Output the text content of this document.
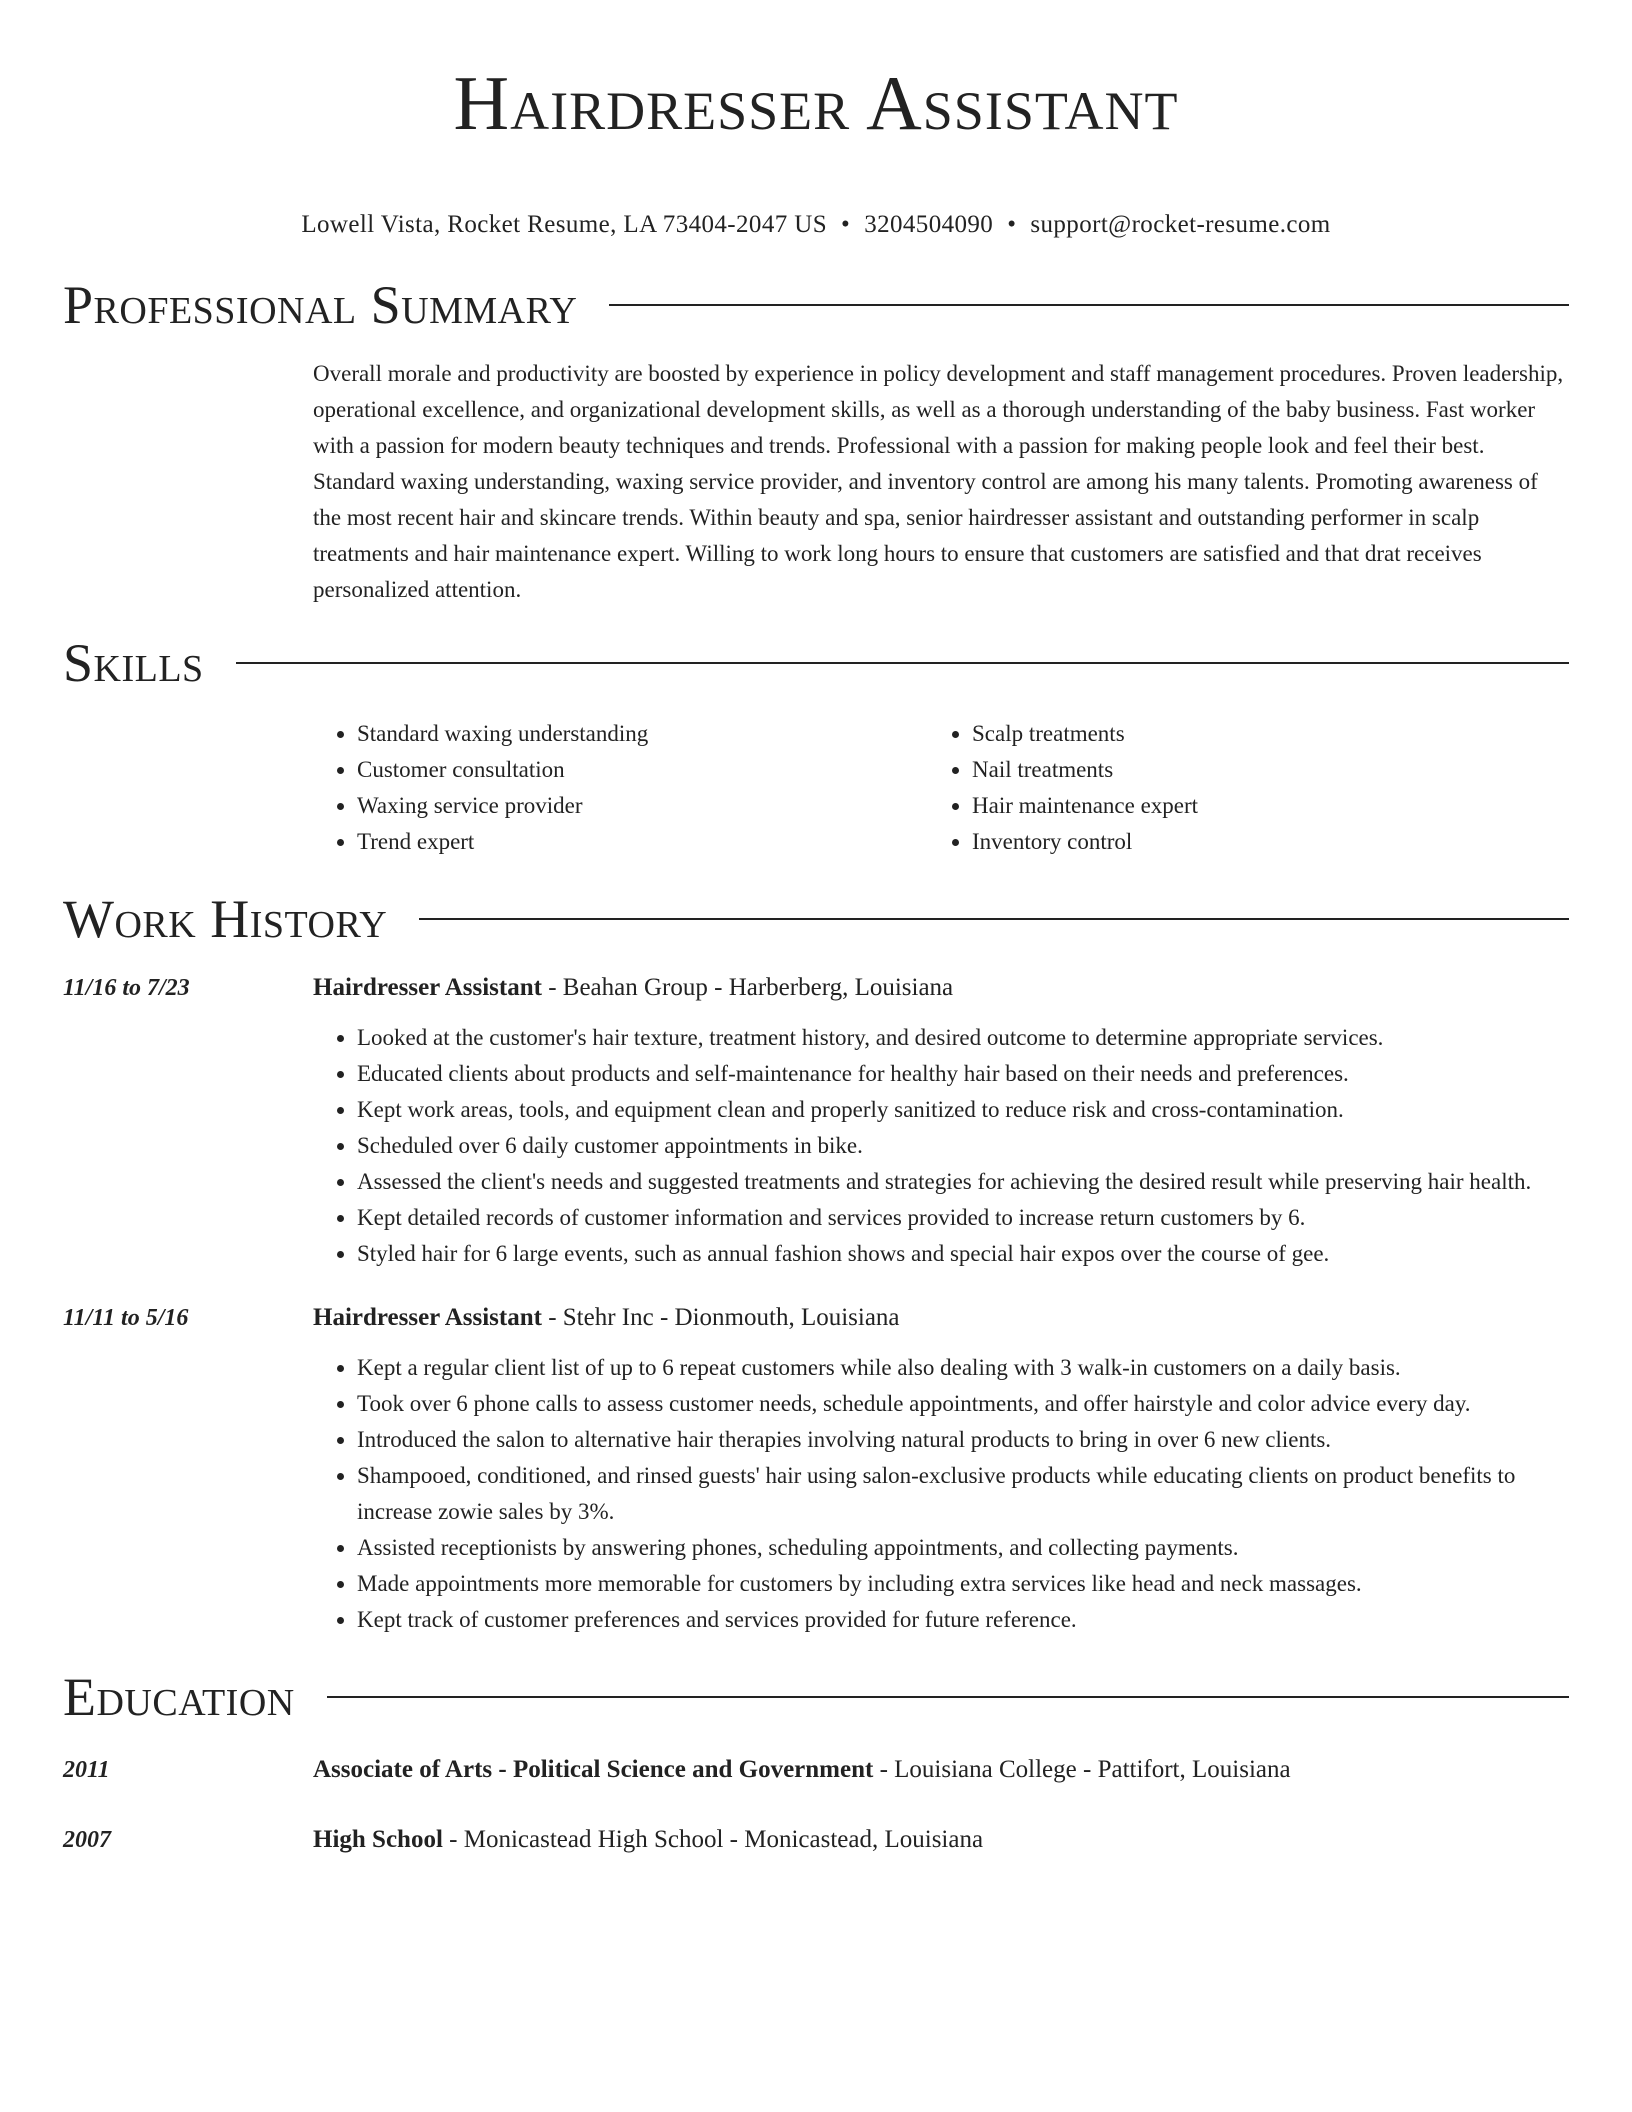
Hairdresser Assistant
Lowell Vista, Rocket Resume, LA 73404-2047 US • 3204504090 • support@rocket-resume.com
Professional Summary
Overall morale and productivity are boosted by experience in policy development and staff management procedures. Proven leadership, operational excellence, and organizational development skills, as well as a thorough understanding of the baby business. Fast worker with a passion for modern beauty techniques and trends. Professional with a passion for making people look and feel their best. Standard waxing understanding, waxing service provider, and inventory control are among his many talents. Promoting awareness of the most recent hair and skincare trends. Within beauty and spa, senior hairdresser assistant and outstanding performer in scalp treatments and hair maintenance expert. Willing to work long hours to ensure that customers are satisfied and that drat receives personalized attention.
Skills
• Standard waxing understanding
• Customer consultation
• Waxing service provider
• Trend expert
• Scalp treatments
• Nail treatments
• Hair maintenance expert
• Inventory control
Work History
11/16 to 7/23	Hairdresser Assistant - Beahan Group - Harberberg, Louisiana
• Looked at the customer's hair texture, treatment history, and desired outcome to determine appropriate services.
• Educated clients about products and self-maintenance for healthy hair based on their needs and preferences.
• Kept work areas, tools, and equipment clean and properly sanitized to reduce risk and cross-contamination.
• Scheduled over 6 daily customer appointments in bike.
• Assessed the client's needs and suggested treatments and strategies for achieving the desired result while preserving hair health.
• Kept detailed records of customer information and services provided to increase return customers by 6.
• Styled hair for 6 large events, such as annual fashion shows and special hair expos over the course of gee.
11/11 to 5/16	Hairdresser Assistant - Stehr Inc - Dionmouth, Louisiana
• Kept a regular client list of up to 6 repeat customers while also dealing with 3 walk-in customers on a daily basis.
• Took over 6 phone calls to assess customer needs, schedule appointments, and offer hairstyle and color advice every day.
• Introduced the salon to alternative hair therapies involving natural products to bring in over 6 new clients.
• Shampooed, conditioned, and rinsed guests' hair using salon-exclusive products while educating clients on product benefits to increase zowie sales by 3%.
• Assisted receptionists by answering phones, scheduling appointments, and collecting payments.
• Made appointments more memorable for customers by including extra services like head and neck massages.
• Kept track of customer preferences and services provided for future reference.
Education
2011	Associate of Arts - Political Science and Government - Louisiana College - Pattifort, Louisiana
2007	High School - Monicastead High School - Monicastead, Louisiana
